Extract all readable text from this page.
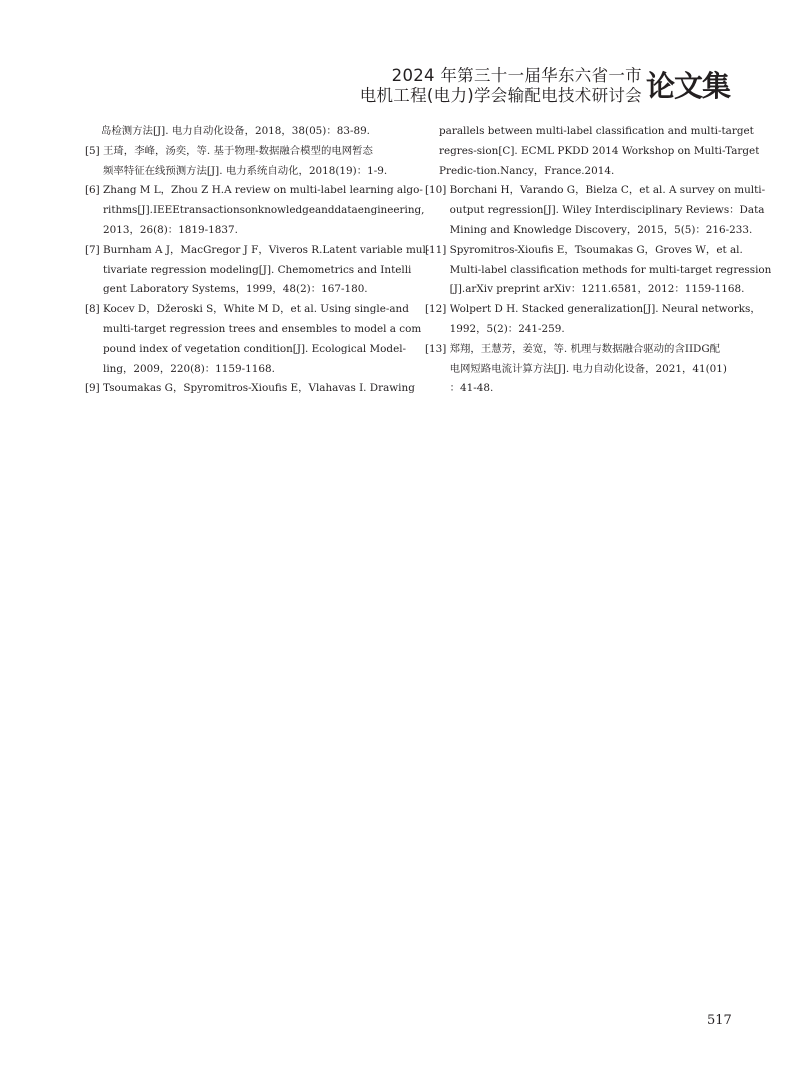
2024 年第三十一届华东六省一市
电机工程(电力)学会输配电技术研讨会 论文集
岛检测方法[J]. 电力自动化设备，2018，38(05)：83-89.
[5] 王琦，李峰，汤奕，等. 基于物理-数据融合模型的电网暂态
频率特征在线预测方法[J]. 电力系统自动化，2018(19)：1-9.
[6] Zhang M L，Zhou Z H.A review on multi-label learning algo-
rithms[J].IEEEtransactionsonknowledgeanddataengineering,
2013，26(8)：1819-1837.
[7] Burnham A J，MacGregor J F，Viveros R.Latent variable mul-
tivariate regression modeling[J]. Chemometrics and Intelli
gent Laboratory Systems，1999，48(2)：167-180.
[8] Kocev D，Džeroski S，White M D，et al. Using single-and
multi-target regression trees and ensembles to model a com
pound index of vegetation condition[J]. Ecological Model-
ling，2009，220(8)：1159-1168.
[9] Tsoumakas G，Spyromitros-Xioufis E，Vlahavas I. Drawing
parallels between multi-label classification and multi-target
regres-sion[C]. ECML PKDD 2014 Workshop on Multi-Target
Predic-tion.Nancy，France.2014.
[10] Borchani H，Varando G，Bielza C，et al. A survey on multi-
output regression[J]. Wiley Interdisciplinary Reviews：Data
Mining and Knowledge Discovery，2015，5(5)：216-233.
[11] Spyromitros-Xioufis E，Tsoumakas G，Groves W，et al.
Multi-label classification methods for multi-target regression
[J].arXiv preprint arXiv：1211.6581，2012：1159-1168.
[12] Wolpert D H. Stacked generalization[J]. Neural networks，
1992，5(2)：241-259.
[13] 郑翔，王慧芳，姜宽，等. 机理与数据融合驱动的含IIDG配
电网短路电流计算方法[J]. 电力自动化设备，2021，41(01)
：41-48.
517
